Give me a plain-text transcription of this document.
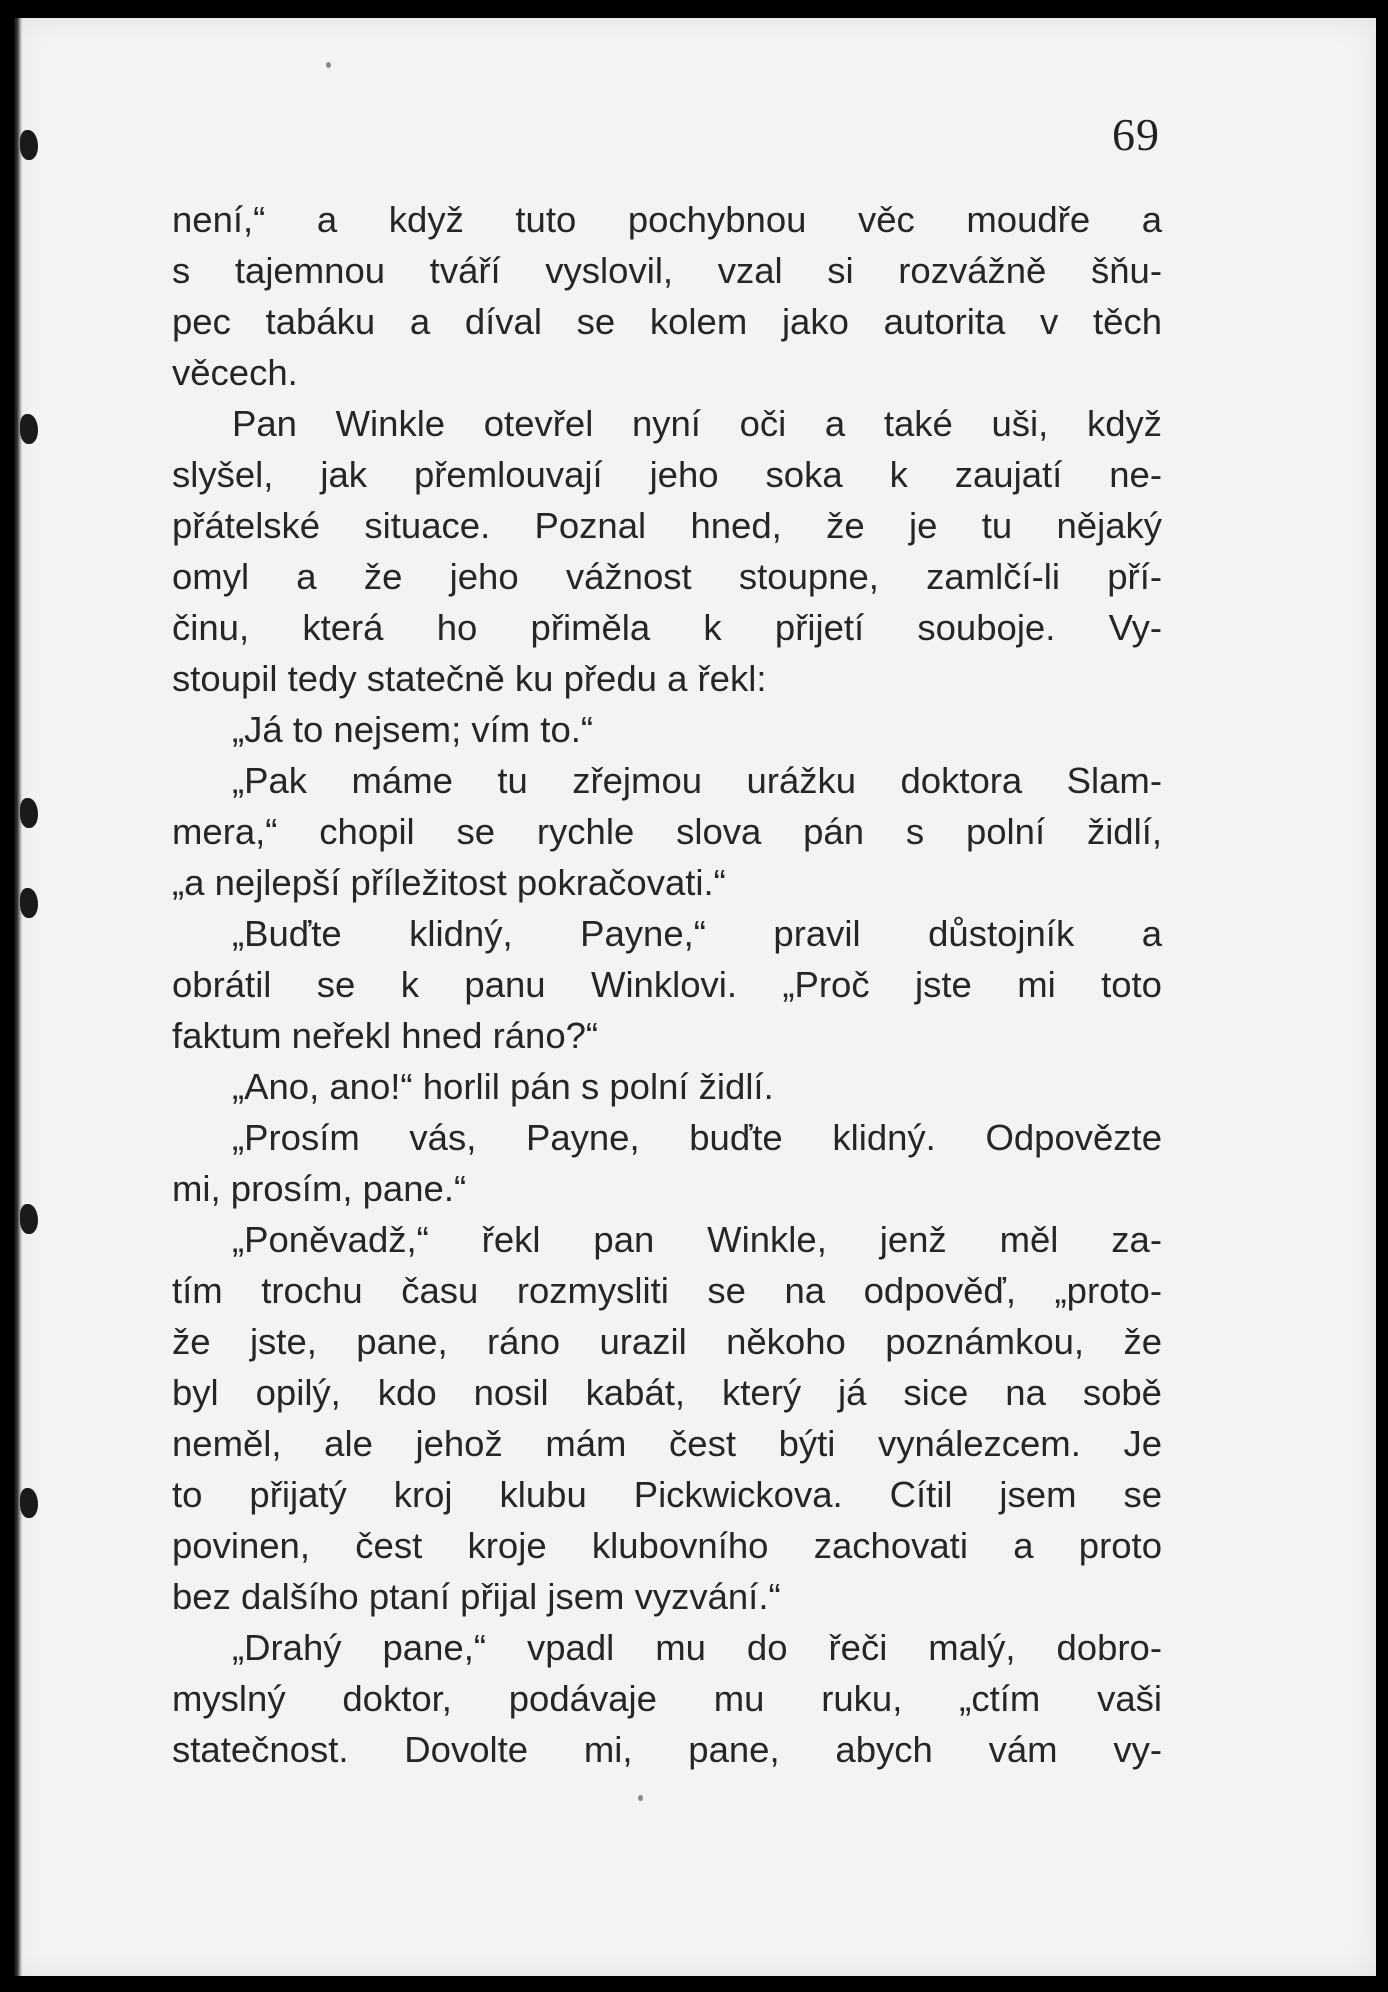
69
není,“ a když tuto pochybnou věc moudře a
s tajemnou tváří vyslovil, vzal si rozvážně šňu-
pec tabáku a díval se kolem jako autorita v těch
věcech.
Pan Winkle otevřel nyní oči a také uši, když
slyšel, jak přemlouvají jeho soka k zaujatí ne-
přátelské situace. Poznal hned, že je tu nějaký
omyl a že jeho vážnost stoupne, zamlčí-li pří-
činu, která ho přiměla k přijetí souboje. Vy-
stoupil tedy statečně ku předu a řekl:
„Já to nejsem; vím to.“
„Pak máme tu zřejmou urážku doktora Slam-
mera,“ chopil se rychle slova pán s polní židlí,
„a nejlepší příležitost pokračovati.“
„Buďte klidný, Payne,“ pravil důstojník a
obrátil se k panu Winklovi. „Proč jste mi toto
faktum neřekl hned ráno?“
„Ano, ano!“ horlil pán s polní židlí.
„Prosím vás, Payne, buďte klidný. Odpovězte
mi, prosím, pane.“
„Poněvadž,“ řekl pan Winkle, jenž měl za-
tím trochu času rozmysliti se na odpověď, „proto-
že jste, pane, ráno urazil někoho poznámkou, že
byl opilý, kdo nosil kabát, který já sice na sobě
neměl, ale jehož mám čest býti vynálezcem. Je
to přijatý kroj klubu Pickwickova. Cítil jsem se
povinen, čest kroje klubovního zachovati a proto
bez dalšího ptaní přijal jsem vyzvání.“
„Drahý pane,“ vpadl mu do řeči malý, dobro-
myslný doktor, podávaje mu ruku, „ctím vaši
statečnost. Dovolte mi, pane, abych vám vy-
